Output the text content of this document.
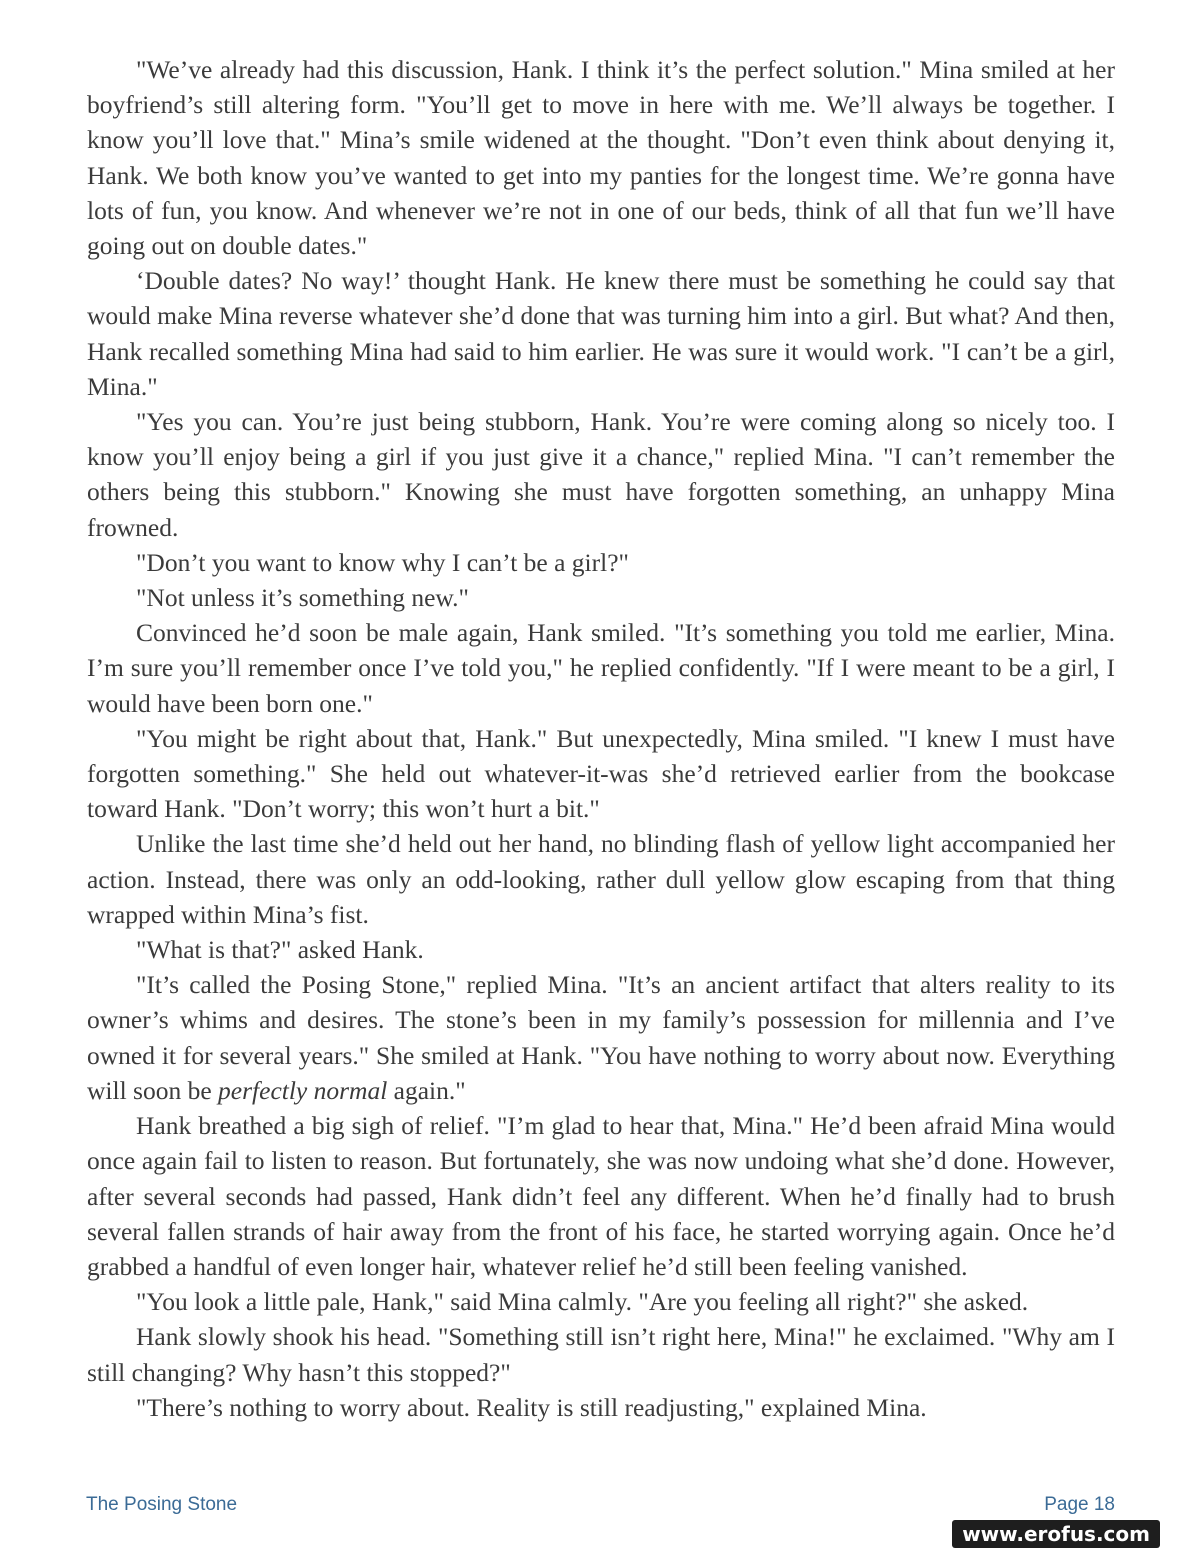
"We’ve already had this discussion, Hank. I think it’s the perfect solution." Mina smiled at her boyfriend’s still altering form. "You’ll get to move in here with me. We’ll always be together. I know you’ll love that." Mina’s smile widened at the thought. "Don’t even think about denying it, Hank. We both know you’ve wanted to get into my panties for the longest time. We’re gonna have lots of fun, you know. And whenever we’re not in one of our beds, think of all that fun we’ll have going out on double dates."

‘Double dates? No way!’ thought Hank. He knew there must be something he could say that would make Mina reverse whatever she’d done that was turning him into a girl. But what? And then, Hank recalled something Mina had said to him earlier. He was sure it would work. "I can’t be a girl, Mina."

"Yes you can. You’re just being stubborn, Hank. You’re were coming along so nicely too. I know you’ll enjoy being a girl if you just give it a chance," replied Mina. "I can’t remember the others being this stubborn." Knowing she must have forgotten something, an unhappy Mina frowned.

"Don’t you want to know why I can’t be a girl?"

"Not unless it’s something new."

Convinced he’d soon be male again, Hank smiled. "It’s something you told me earlier, Mina. I’m sure you’ll remember once I’ve told you," he replied confidently. "If I were meant to be a girl, I would have been born one."

"You might be right about that, Hank." But unexpectedly, Mina smiled. "I knew I must have forgotten something." She held out whatever-it-was she’d retrieved earlier from the bookcase toward Hank. "Don’t worry; this won’t hurt a bit."

Unlike the last time she’d held out her hand, no blinding flash of yellow light accompanied her action. Instead, there was only an odd-looking, rather dull yellow glow escaping from that thing wrapped within Mina’s fist.

"What is that?" asked Hank.

"It’s called the Posing Stone," replied Mina. "It’s an ancient artifact that alters reality to its owner’s whims and desires. The stone’s been in my family’s possession for millennia and I’ve owned it for several years." She smiled at Hank. "You have nothing to worry about now. Everything will soon be perfectly normal again."

Hank breathed a big sigh of relief. "I’m glad to hear that, Mina." He’d been afraid Mina would once again fail to listen to reason. But fortunately, she was now undoing what she’d done. However, after several seconds had passed, Hank didn’t feel any different. When he’d finally had to brush several fallen strands of hair away from the front of his face, he started worrying again. Once he’d grabbed a handful of even longer hair, whatever relief he’d still been feeling vanished.

"You look a little pale, Hank," said Mina calmly. "Are you feeling all right?" she asked.

Hank slowly shook his head. "Something still isn’t right here, Mina!" he exclaimed. "Why am I still changing? Why hasn’t this stopped?"

"There’s nothing to worry about. Reality is still readjusting," explained Mina.

The Posing Stone	Page 18
www.erofus.com
